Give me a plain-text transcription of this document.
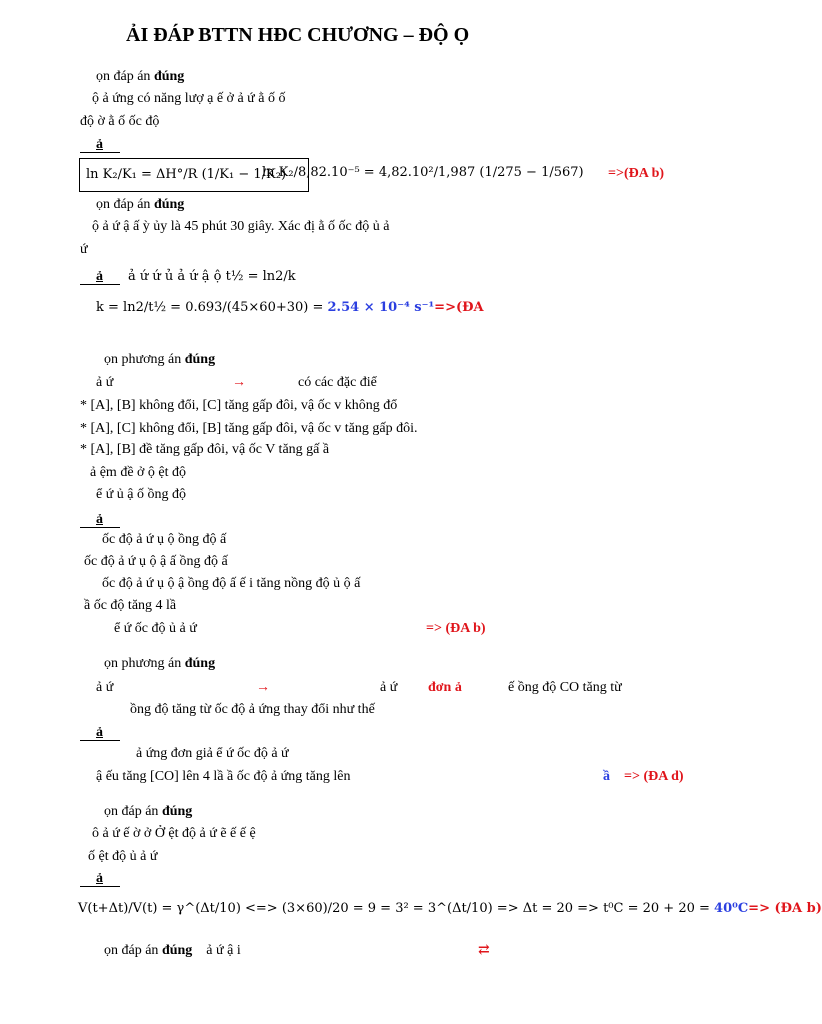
ẢI ĐÁP BTTN HĐC CHƯƠNG – ĐỘ Ọ
ọn đáp án đúng
ộ ả ứng có năng lượ ạ ế ở ả ứ ằ ố ố
độ ờ ằ ố ốc độ
ả
ln K₂/K₁ = ΔH°/R (1/K₁ − 1/K₂)
ln K₂/8,82.10⁻⁵ = 4,82.10²/1,987 (1/275 − 1/567) =>(ĐA b)
ọn đáp án đúng
ộ ả ứ ậ ấ ỳ ủy là 45 phút 30 giây. Xác đị ằ ố ốc độ ủ ả
ứ
ả ả ứ ứ ủ ả ứ ậ ộ t½ = ln2/k
k = ln2/t½ = 0.693/(45×60+30) = 2.54 × 10⁻⁴ s⁻¹=>(ĐA
ọn phương án đúng
ả ứ	→	có các đặc điể
* [A], [B] không đổi, [C] tăng gấp đôi, vậ ốc v không đổ
* [A], [C] không đổi, [B] tăng gấp đôi, vậ ốc v tăng gấp đôi.
* [A], [B] đề tăng gấp đôi, vậ ốc V tăng gấ ầ
ả ệm đề ở ộ ệt độ
ể ứ ủ ậ ố ồng độ
ả
ốc độ ả ứ ụ ộ ồng độ ấ
ốc độ ả ứ ụ ộ ậ ấ ồng độ ấ
ốc độ ả ứ ụ ộ ậ ồng độ ấ ế i tăng nồng độ ủ ộ ấ
ầ ốc độ tăng 4 lầ
ể ứ ốc độ ủ ả ứ	=> (ĐA b)
ọn phương án đúng
ả ứ	→	ả ứ đơn ả	ế ồng độ CO tăng từ
ồng độ tăng từ ốc độ ả ứng thay đổi như thế
ả
ả ứng đơn giả ể ứ ốc độ ả ứ
ậ ếu tăng [CO] lên 4 lầ ầ ốc độ ả ứng tăng lên	ầ => (ĐA d)
ọn đáp án đúng
ô ả ứ ế ờ ở Ở ệt độ ả ứ ẽ ế ế ệ
ố ệt độ ủ ả ứ
ả
V(t+Δt)/V(t) = γ^(Δt/10) <=> (3×60)/20 = 9 = 3² = 3^(Δt/10) => Δt = 20 => t⁰C = 20 + 20 = 40⁰C=> (ĐA b)
ọn đáp án đúng ả ứ ậ i	⇄
